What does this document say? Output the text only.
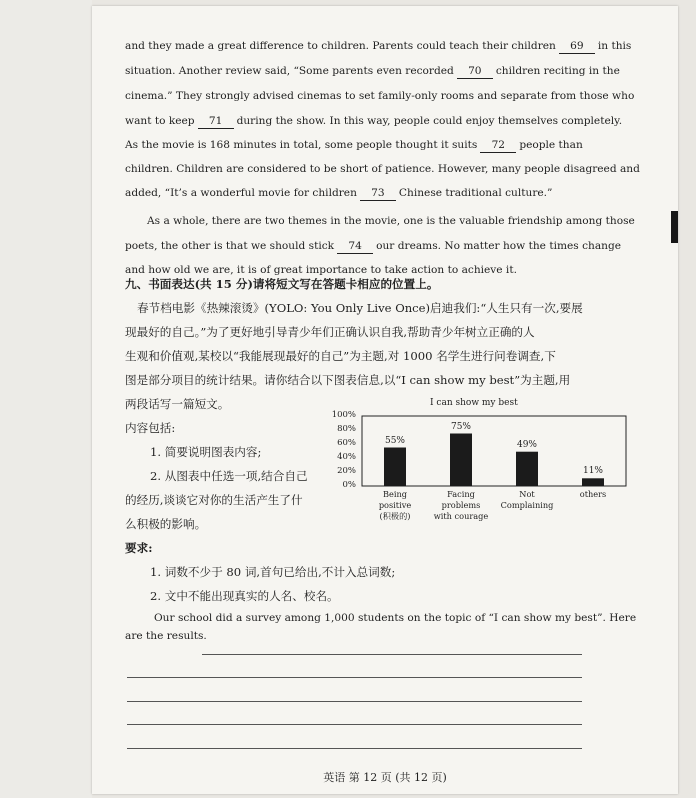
and they made a great difference to children. Parents could teach their children 69 in this
situation. Another review said, “Some parents even recorded 70 children reciting in the
cinema.” They strongly advised cinemas to set family-only rooms and separate from those who
want to keep 71 during the show. In this way, people could enjoy themselves completely.
As the movie is 168 minutes in total, some people thought it suits 72 people than
children. Children are considered to be short of patience. However, many people disagreed and
added, “It’s a wonderful movie for children 73 Chinese traditional culture.”
As a whole, there are two themes in the movie, one is the valuable friendship among those
poets, the other is that we should stick 74 our dreams. No matter how the times change
and how old we are, it is of great importance to take action to achieve it.
九、书面表达(共 15 分)请将短文写在答题卡相应的位置上。
春节档电影《热辣滚烫》(YOLO: You Only Live Once)启迪我们:“人生只有一次,要展
现最好的自己。”为了更好地引导青少年们正确认识自我,帮助青少年树立正确的人
生观和价值观,某校以“我能展现最好的自己”为主题,对 1000 名学生进行问卷调查,下
图是部分项目的统计结果。请你结合以下图表信息,以“I can show my best”为主题,用
两段话写一篇短文。
内容包括:
1. 简要说明图表内容;
2. 从图表中任选一项,结合自己
的经历,谈谈它对你的生活产生了什
么积极的影响。
要求:
1. 词数不少于 80 词,首句已给出,不计入总词数;
2. 文中不能出现真实的人名、校名。
Our school did a survey among 1,000 students on the topic of “I can show my best”. Here
are the results.
I can show my best
0%
20%
40%
60%
80%
100%
55%
Being
positive
(积极的)
75%
Facing
problems
with courage
49%
Not
Complaining
11%
others
英语 第 12 页 (共 12 页)
